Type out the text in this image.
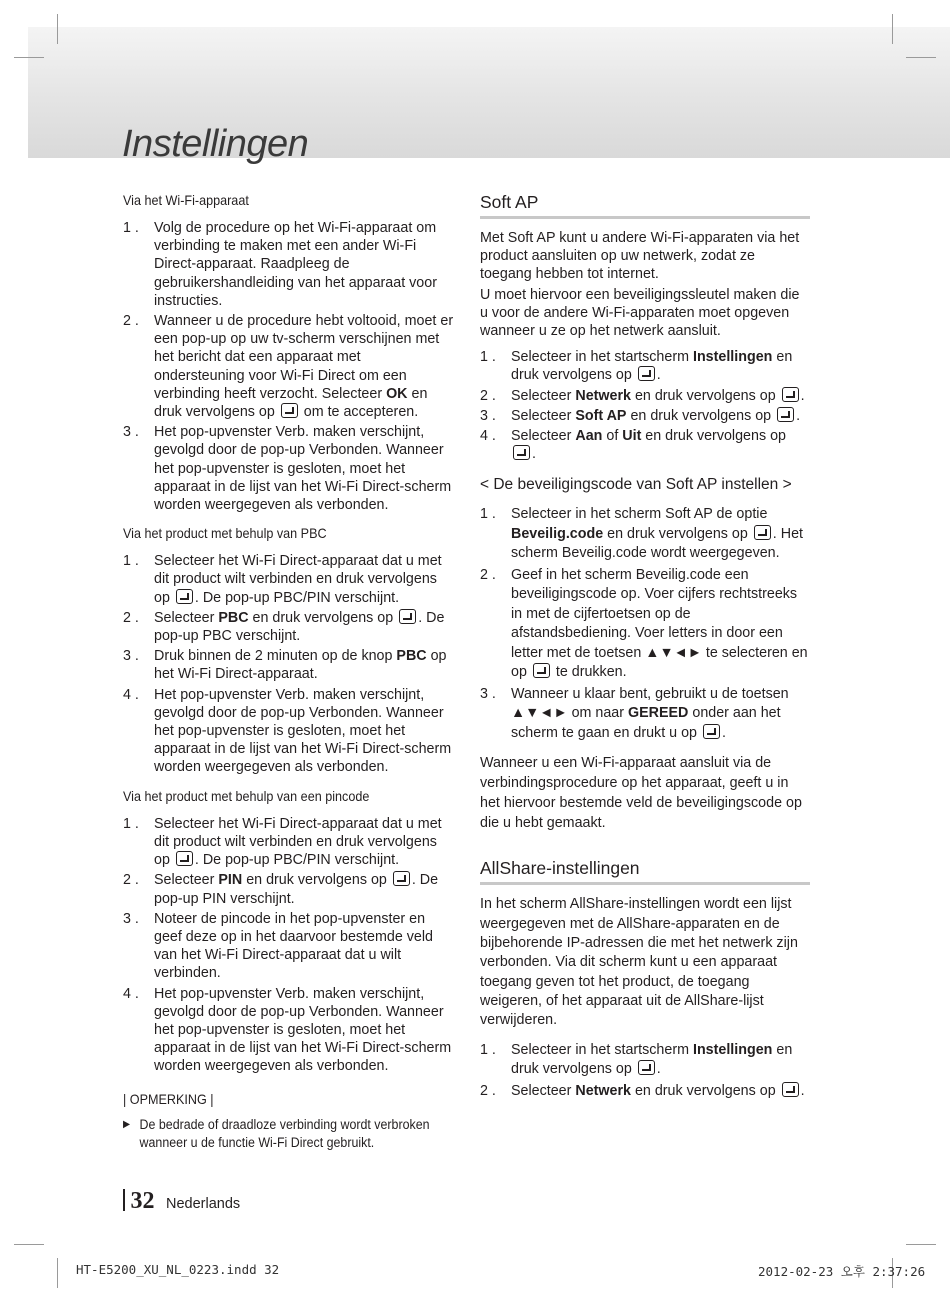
Instellingen
Via het Wi-Fi-apparaat
1 . Volg de procedure op het Wi-Fi-apparaat om verbinding te maken met een ander Wi-Fi Direct-apparaat. Raadpleeg de gebruikershandleiding van het apparaat voor instructies.
2 . Wanneer u de procedure hebt voltooid, moet er een pop-up op uw tv-scherm verschijnen met het bericht dat een apparaat met ondersteuning voor Wi-Fi Direct om een verbinding heeft verzocht. Selecteer OK en druk vervolgens op  om te accepteren.
3 . Het pop-upvenster Verb. maken verschijnt, gevolgd door de pop-up Verbonden. Wanneer het pop-upvenster is gesloten, moet het apparaat in de lijst van het Wi-Fi Direct-scherm worden weergegeven als verbonden.
Via het product met behulp van PBC
1 . Selecteer het Wi-Fi Direct-apparaat dat u met dit product wilt verbinden en druk vervolgens op . De pop-up PBC/PIN verschijnt.
2 . Selecteer PBC en druk vervolgens op . De pop-up PBC verschijnt.
3 . Druk binnen de 2 minuten op de knop PBC op het Wi-Fi Direct-apparaat.
4 . Het pop-upvenster Verb. maken verschijnt, gevolgd door de pop-up Verbonden. Wanneer het pop-upvenster is gesloten, moet het apparaat in de lijst van het Wi-Fi Direct-scherm worden weergegeven als verbonden.
Via het product met behulp van een pincode
1 . Selecteer het Wi-Fi Direct-apparaat dat u met dit product wilt verbinden en druk vervolgens op . De pop-up PBC/PIN verschijnt.
2 . Selecteer PIN en druk vervolgens op . De pop-up PIN verschijnt.
3 . Noteer de pincode in het pop-upvenster en geef deze op in het daarvoor bestemde veld van het Wi-Fi Direct-apparaat dat u wilt verbinden.
4 . Het pop-upvenster Verb. maken verschijnt, gevolgd door de pop-up Verbonden. Wanneer het pop-upvenster is gesloten, moet het apparaat in de lijst van het Wi-Fi Direct-scherm worden weergegeven als verbonden.
| OPMERKING |
▶ De bedrade of draadloze verbinding wordt verbroken wanneer u de functie Wi-Fi Direct gebruikt.
Soft AP

Met Soft AP kunt u andere Wi-Fi-apparaten via het product aansluiten op uw netwerk, zodat ze toegang hebben tot internet.

U moet hiervoor een beveiligingssleutel maken die u voor de andere Wi-Fi-apparaten moet opgeven wanneer u ze op het netwerk aansluit.

1 . Selecteer in het startscherm Instellingen en druk vervolgens op .
2 . Selecteer Netwerk en druk vervolgens op .
3 . Selecteer Soft AP en druk vervolgens op .
4 . Selecteer Aan of Uit en druk vervolgens op .
< De beveiligingscode van Soft AP instellen >
1 . Selecteer in het scherm Soft AP de optie Beveilig.code en druk vervolgens op . Het scherm Beveilig.code wordt weergegeven.
2 . Geef in het scherm Beveilig.code een beveiligingscode op. Voer cijfers rechtstreeks in met de cijfertoetsen op de afstandsbediening. Voer letters in door een letter met de toetsen ▲▼◄► te selecteren en op  te drukken.
3 . Wanneer u klaar bent, gebruikt u de toetsen ▲▼◄► om naar GEREED onder aan het scherm te gaan en drukt u op .

Wanneer u een Wi-Fi-apparaat aansluit via de verbindingsprocedure op het apparaat, geeft u in het hiervoor bestemde veld de beveiligingscode op die u hebt gemaakt.

AllShare-instellingen

In het scherm AllShare-instellingen wordt een lijst weergegeven met de AllShare-apparaten en de bijbehorende IP-adressen die met het netwerk zijn verbonden. Via dit scherm kunt u een apparaat toegang geven tot het product, de toegang weigeren, of het apparaat uit de AllShare-lijst verwijderen.

1 . Selecteer in het startscherm Instellingen en druk vervolgens op .
2 . Selecteer Netwerk en druk vervolgens op .
32 Nederlands
HT-E5200_XU_NL_0223.indd 32	2012-02-23 오후 2:37:26
